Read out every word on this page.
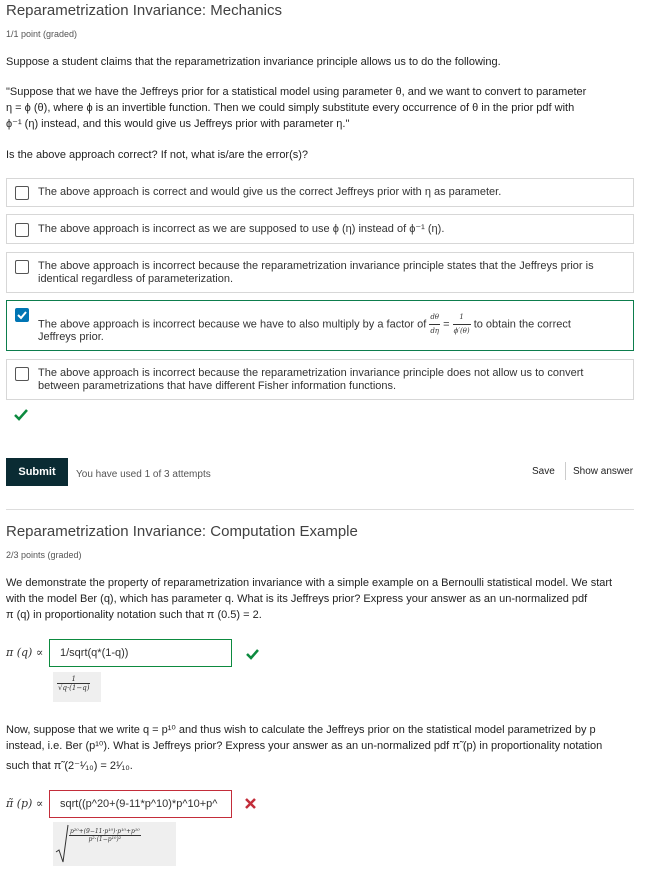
Reparametrization Invariance: Mechanics
1/1 point (graded)
Suppose a student claims that the reparametrization invariance principle allows us to do the following.
"Suppose that we have the Jeffreys prior for a statistical model using parameter θ, and we want to convert to parameter
η = ϕ (θ), where ϕ is an invertible function. Then we could simply substitute every occurrence of θ in the prior pdf with
ϕ⁻¹ (η) instead, and this would give us Jeffreys prior with parameter η."
Is the above approach correct? If not, what is/are the error(s)?
The above approach is correct and would give us the correct Jeffreys prior with η as parameter.
The above approach is incorrect as we are supposed to use ϕ (η) instead of ϕ⁻¹ (η).
The above approach is incorrect because the reparametrization invariance principle states that the Jeffreys prior is identical regardless of parameterization.
The above approach is incorrect because we have to also multiply by a factor of $\frac{d\theta}{d\eta} = \frac{1}{\phi'(\theta)}$ to obtain the correct
Jeffreys prior.
The above approach is incorrect because the reparametrization invariance principle does not allow us to convert between parametrizations that have different Fisher information functions.
Submit	You have used 1 of 3 attempts	Save Show answer
Reparametrization Invariance: Computation Example
2/3 points (graded)
We demonstrate the property of reparametrization invariance with a simple example on a Bernoulli statistical model. We start
with the model Ber (q), which has parameter q. What is its Jeffreys prior? Express your answer as an un-normalized pdf
π (q) in proportionality notation such that π (0.5) = 2.
π (q) ∝	1/sqrt(q*(1-q))
$\frac{1}{√q\cdot(1-q)}$
Now, suppose that we write q = p¹⁰ and thus wish to calculate the Jeffreys prior on the statistical model parametrized by p
instead, i.e. Ber (p¹⁰). What is Jeffreys prior? Express your answer as an un-normalized pdf π̃ (p) in proportionality notation
such that π̃ (2⁻¹⁄₁₀) = 2¹⁄₁₀.
π̃ (p) ∝	sqrt((p^20+(9-11*p^10)*p^10+p^
$\frac{\text{p²⁰+(9−11·p¹⁰)·p¹⁰+p¹⁰}}{\text{p²·(1−p¹⁰)²}}$
